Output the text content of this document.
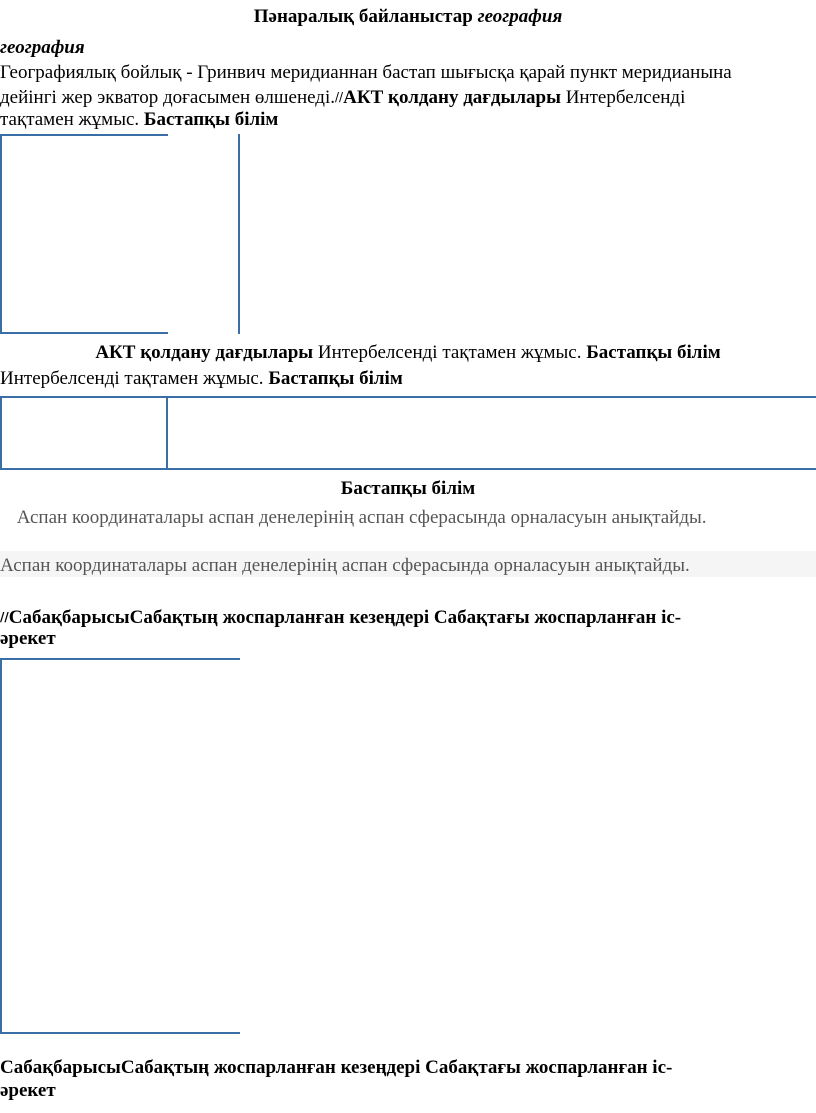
Пәнаралық байланыстар география
география
Географиялық бойлық - Гринвич меридианнан бастап шығысқа қарай пункт меридианына
дейінгі жер экватор доғасымен өлшенеді.//АКТ қолдану дағдылары Интербелсенді
тақтамен жұмыс. Бастапқы білім
АКТ қолдану дағдылары Интербелсенді тақтамен жұмыс. Бастапқы білім
Интербелсенді тақтамен жұмыс. Бастапқы білім
Бастапқы білім
Аспан координаталары аспан денелерінің аспан сферасында орналасуын анықтайды.
Аспан координаталары аспан денелерінің аспан сферасында орналасуын анықтайды.
//СабақбарысыСабақтың жоспарланған кезеңдері Сабақтағы жоспарланған іс-
әрекет
СабақбарысыСабақтың жоспарланған кезеңдері Сабақтағы жоспарланған іс-
әрекет
